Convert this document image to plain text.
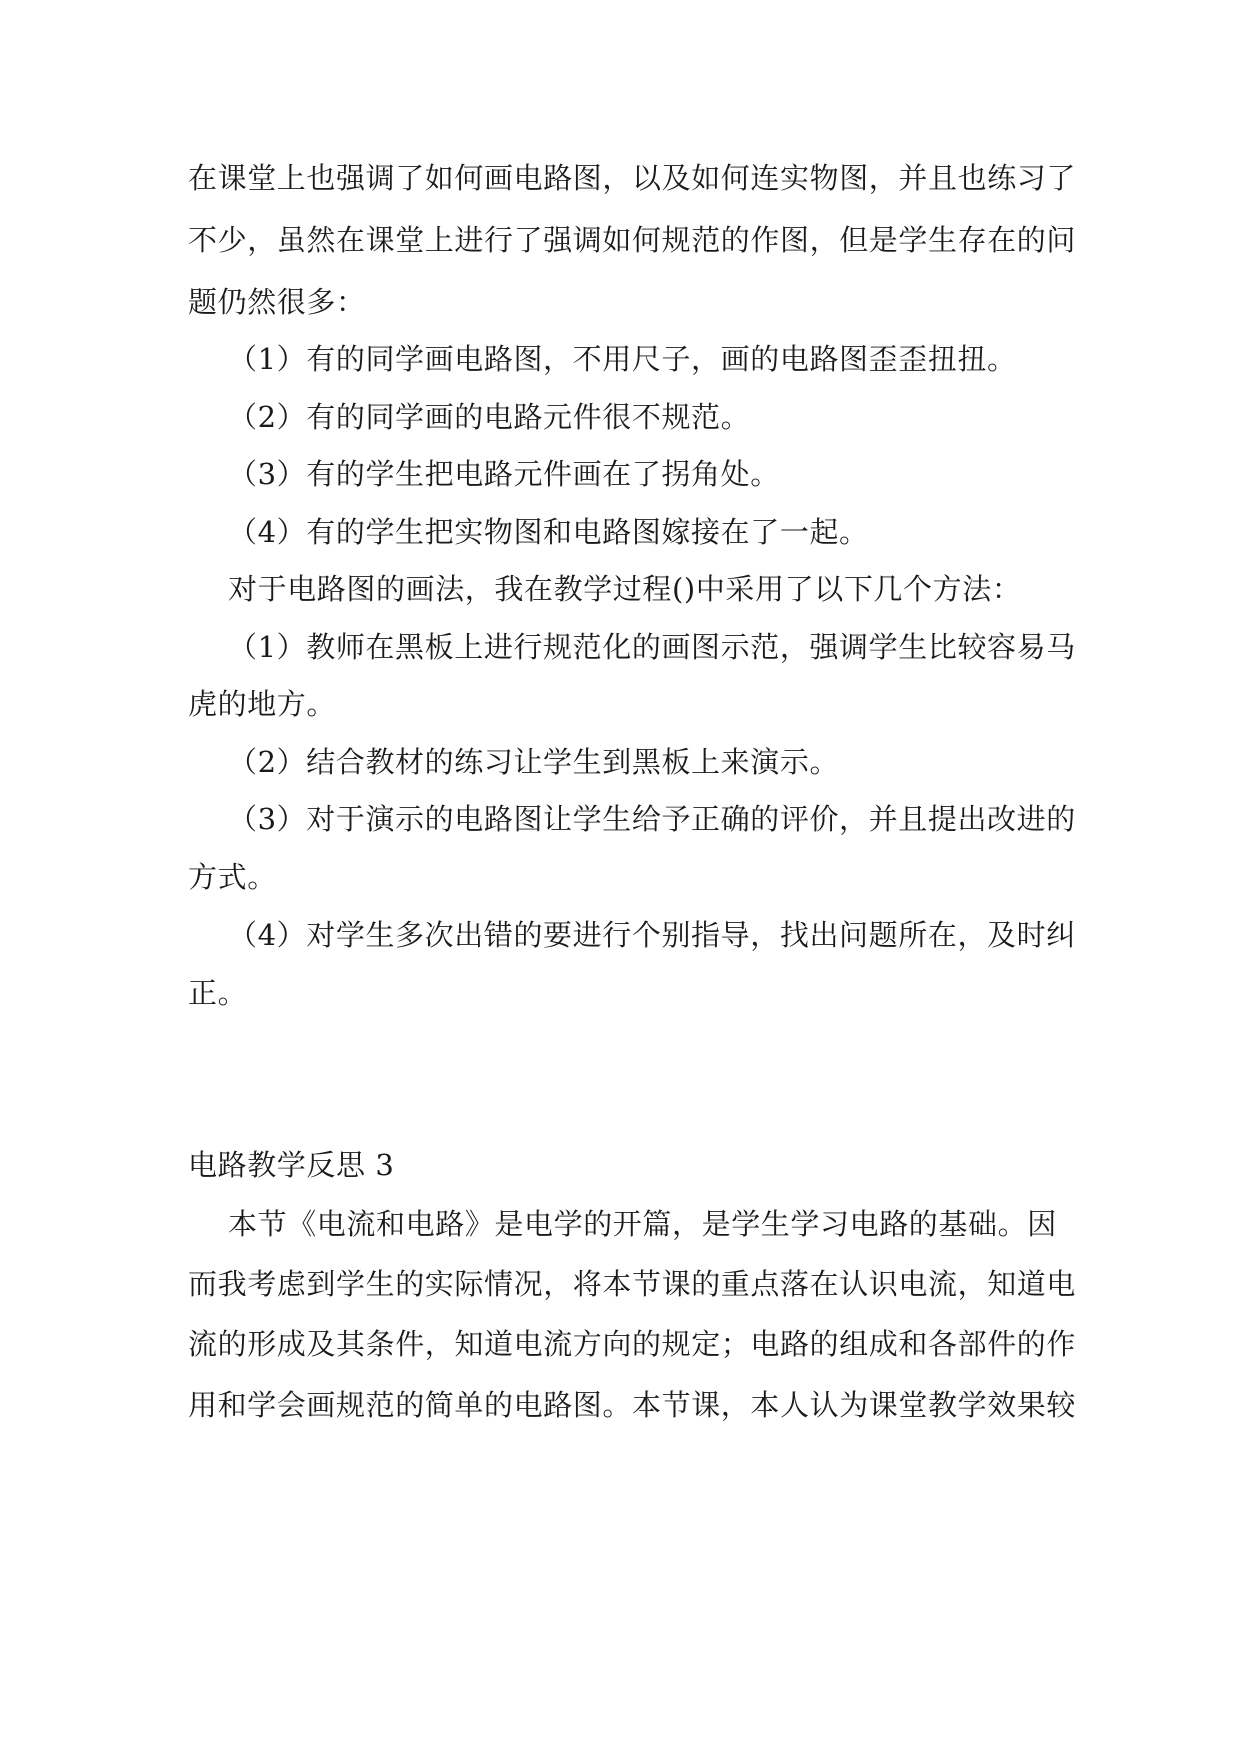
在课堂上也强调了如何画电路图，以及如何连实物图，并且也练习了
不少，虽然在课堂上进行了强调如何规范的作图，但是学生存在的问
题仍然很多：
（1）有的同学画电路图，不用尺子，画的电路图歪歪扭扭。
（2）有的同学画的电路元件很不规范。
（3）有的学生把电路元件画在了拐角处。
（4）有的学生把实物图和电路图嫁接在了一起。
对于电路图的画法，我在教学过程()中采用了以下几个方法：
（1）教师在黑板上进行规范化的画图示范，强调学生比较容易马
虎的地方。
（2）结合教材的练习让学生到黑板上来演示。
（3）对于演示的电路图让学生给予正确的评价，并且提出改进的
方式。
（4）对学生多次出错的要进行个别指导，找出问题所在，及时纠
正。
电路教学反思 3
本节《电流和电路》是电学的开篇，是学生学习电路的基础。因
而我考虑到学生的实际情况，将本节课的重点落在认识电流，知道电
流的形成及其条件，知道电流方向的规定；电路的组成和各部件的作
用和学会画规范的简单的电路图。本节课，本人认为课堂教学效果较
